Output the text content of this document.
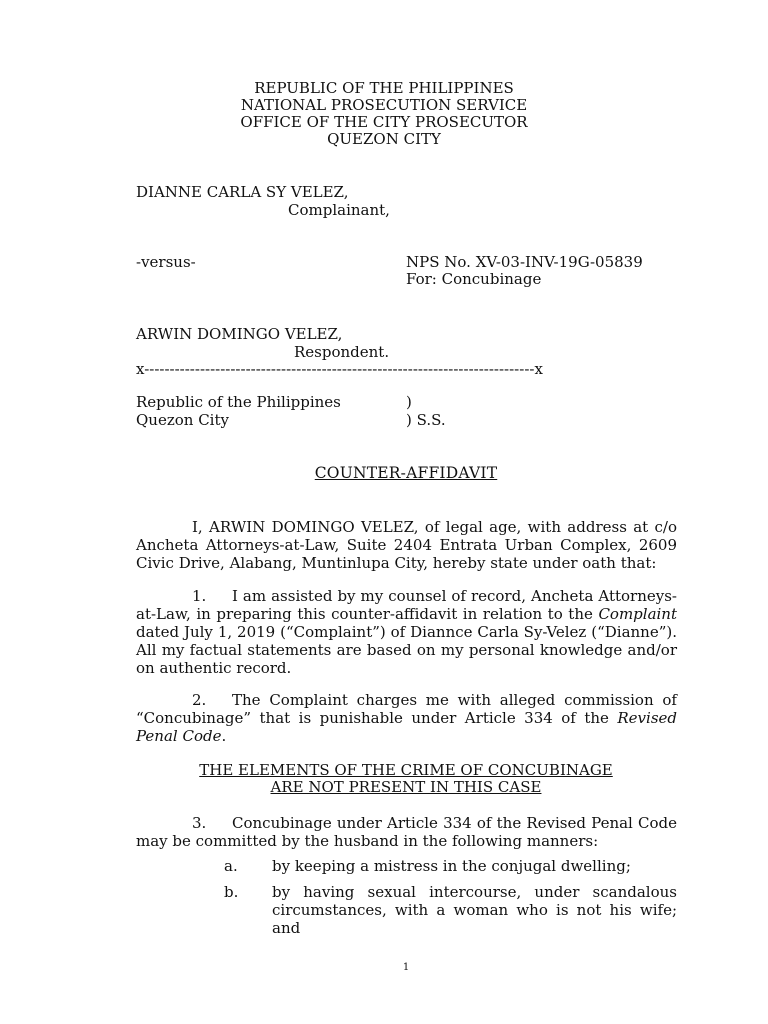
REPUBLIC OF THE PHILIPPINES
NATIONAL PROSECUTION SERVICE
OFFICE OF THE CITY PROSECUTOR
QUEZON CITY
DIANNE CARLA SY VELEZ,
Complainant,
-versus-	NPS No. XV-03-INV-19G-05839
For: Concubinage
ARWIN DOMINGO VELEZ,
Respondent.
x-----------------------------------------------------------------------------x
Republic of the Philippines	)
Quezon City	) S.S.
COUNTER-AFFIDAVIT
I, ARWIN DOMINGO VELEZ, of legal age, with address at c/o Ancheta Attorneys-at-Law, Suite 2404 Entrata Urban Complex, 2609 Civic Drive, Alabang, Muntinlupa City, hereby state under oath that:
1. I am assisted by my counsel of record, Ancheta Attorneys-at-Law, in preparing this counter-affidavit in relation to the Complaint dated July 1, 2019 (“Complaint”) of Diannce Carla Sy-Velez (“Dianne”). All my factual statements are based on my personal knowledge and/or on authentic record.
2. The Complaint charges me with alleged commission of “Concubinage” that is punishable under Article 334 of the Revised Penal Code.
THE ELEMENTS OF THE CRIME OF CONCUBINAGE
ARE NOT PRESENT IN THIS CASE
3. Concubinage under Article 334 of the Revised Penal Code may be committed by the husband in the following manners:
a. by keeping a mistress in the conjugal dwelling;
b. by having sexual intercourse, under scandalous circumstances, with a woman who is not his wife; and
1
